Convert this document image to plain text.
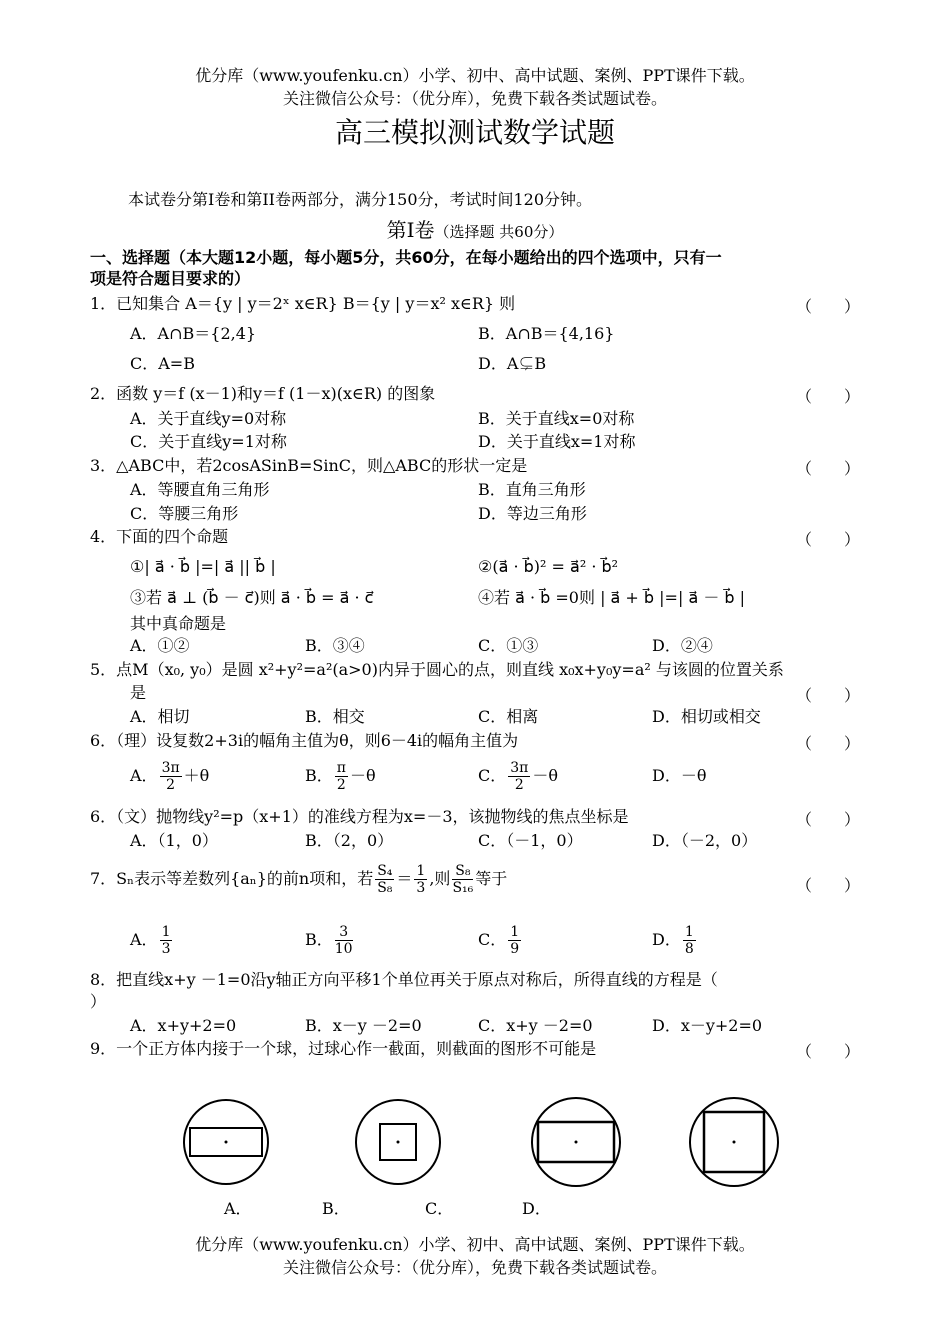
优分库（www.youfenku.cn）小学、初中、高中试题、案例、PPT课件下载。
关注微信公众号：（优分库），免费下载各类试题试卷。
高三模拟测试数学试题
本试卷分第I卷和第II卷两部分，满分150分，考试时间120分钟。
第I卷（选择题 共60分）
一、选择题（本大题12小题，每小题5分，共60分，在每小题给出的四个选项中，只有一
项是符合题目要求的）
1．已知集合 A＝{y | y＝2ˣ x∈R} B＝{y | y＝x² x∈R} 则	（　　）
A．A∩B＝{2,4}	B．A∩B＝{4,16}
C．A=B	D．A⊊B
2．函数 y＝f (x－1)和y＝f (1－x)(x∈R) 的图象	（　　）
A．关于直线y=0对称	B．关于直线x=0对称
C．关于直线y=1对称	D．关于直线x=1对称
3．△ABC中，若2cosASinB=SinC，则△ABC的形状一定是	（　　）
A．等腰直角三角形	B．直角三角形
C．等腰三角形	D．等边三角形
4．下面的四个命题	（　　）
①| a⃗ · b⃗ |=| a⃗ || b⃗ |	②(a⃗ · b⃗)² = a⃗² · b⃗²
③若 a⃗ ⊥ (b⃗ － c⃗)则 a⃗ · b⃗ = a⃗ · c⃗	④若 a⃗ · b⃗ =0则 | a⃗ + b⃗ |=| a⃗ － b⃗ |
其中真命题是
A．①②	B．③④	C．①③	D．②④
5．点M（x₀, y₀）是圆 x²+y²=a²(a>0)内异于圆心的点，则直线 x₀x+y₀y=a² 与该圆的位置关系
是	（　　）
A．相切	B．相交	C．相离	D．相切或相交
6．（理）设复数2+3i的幅角主值为θ，则6－4i的幅角主值为	（　　）
A． $\frac{3\pi}{2} +\theta$	B． $\frac{\pi}{2} -\theta$	C． $\frac{3\pi}{2} -\theta$	D．－θ
6．（文）抛物线y²=p（x+1）的准线方程为x=－3，该抛物线的焦点坐标是	（　　）
A．（1，0）	B．（2，0）	C．（－1，0）	D．（－2，0）
7．Sₙ表示等差数列{aₙ}的前n项和，若 $\frac{\text{S₄}}{\text{S₈}} = \frac{1}{3}$ ,则 $\frac{\text{S₈}}{\text{S₁₆}}$ 等于	（　　）
A． $\frac{1}{3}$	B． $\frac{3}{10}$	C． $\frac{1}{9}$	D． $\frac{1}{8}$
8．把直线x+y －1=0沿y轴正方向平移1个单位再关于原点对称后，所得直线的方程是（
）
A．x+y+2=0	B．x－y －2=0	C．x+y －2=0	D．x－y+2=0
9．一个正方体内接于一个球，过球心作一截面，则截面的图形不可能是	（　　）
A．	B．	C．	D．
优分库（www.youfenku.cn）小学、初中、高中试题、案例、PPT课件下载。
关注微信公众号：（优分库），免费下载各类试题试卷。
